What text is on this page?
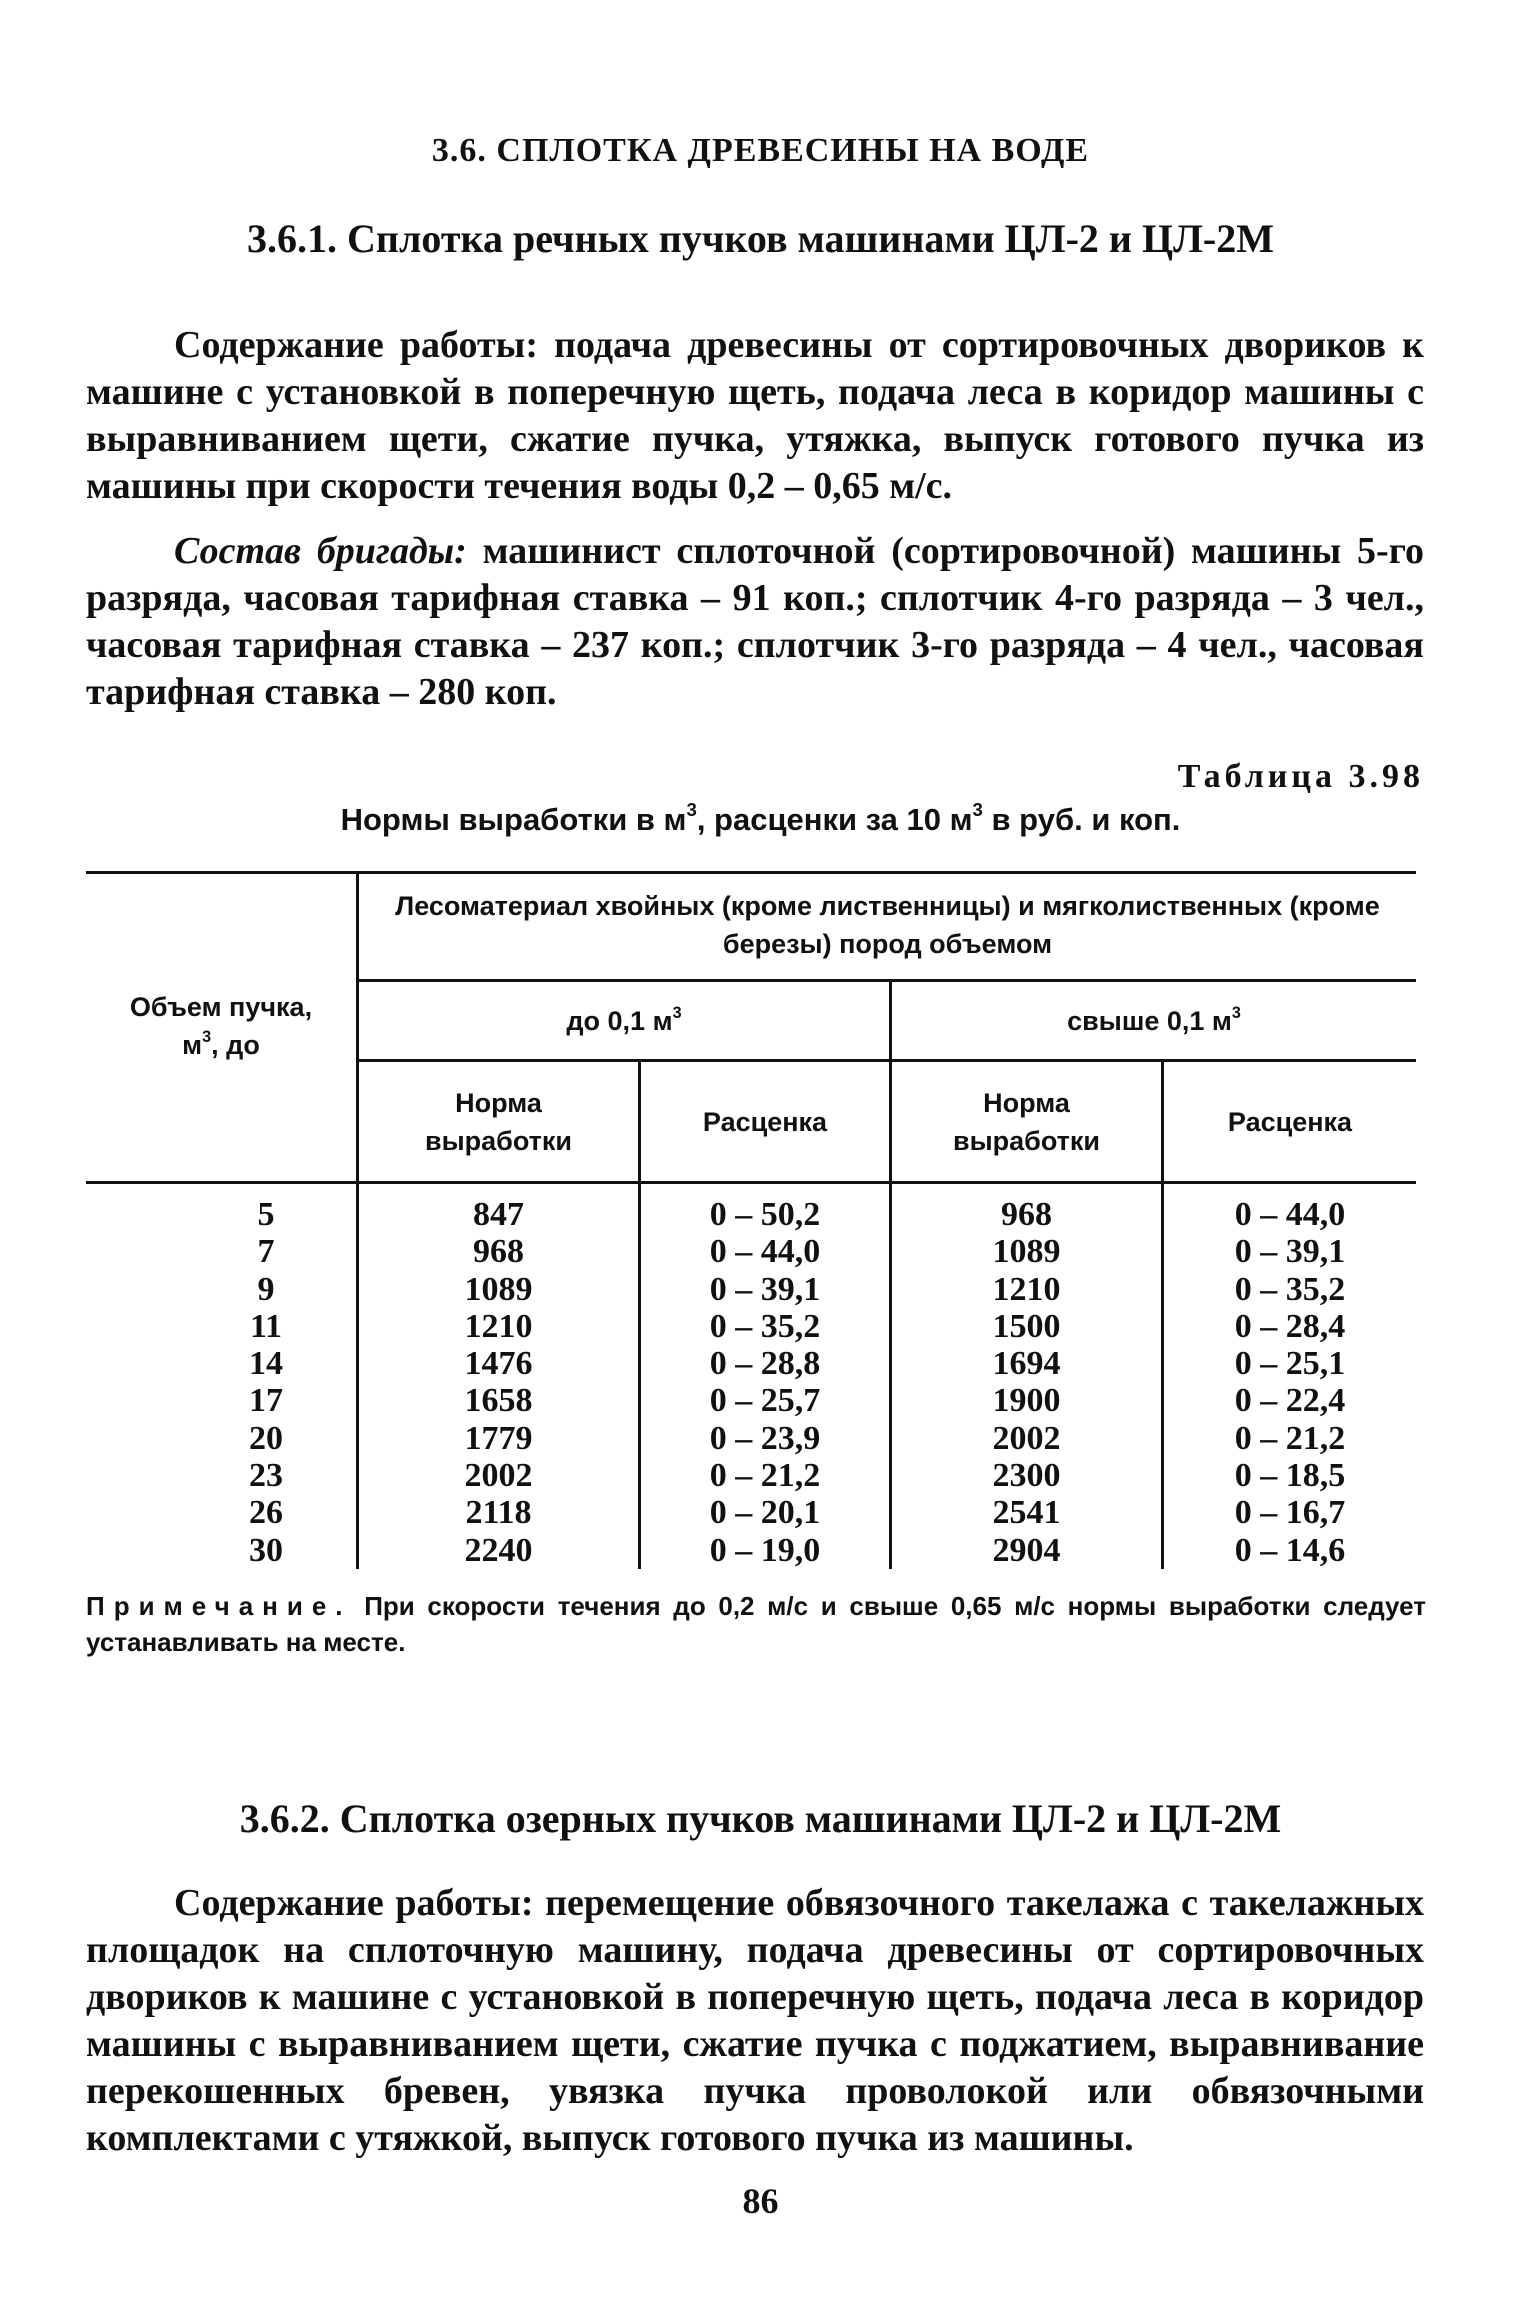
3.6. СПЛОТКА ДРЕВЕСИНЫ НА ВОДЕ
3.6.1. Сплотка речных пучков машинами ЦЛ-2 и ЦЛ-2М
Содержание работы: подача древесины от сортировочных двориков к машине с установкой в поперечную щеть, подача леса в коридор машины с выравниванием щети, сжатие пучка, утяжка, выпуск готового пучка из машины при скорости течения воды 0,2 – 0,65 м/с.
Состав бригады: машинист сплоточной (сортировочной) машины 5-го разряда, часовая тарифная ставка – 91 коп.; сплотчик 4-го разряда – 3 чел., часовая тарифная ставка – 237 коп.; сплотчик 3-го разряда – 4 чел., часовая тарифная ставка – 280 коп.
Таблица 3.98
Нормы выработки в $м^3$, расценки за 10 $м^3$ в руб. и коп.
Объем пучка,
$м^3$, до
Лесоматериал хвойных (кроме лиственницы) и мягколиственных (кроме березы) пород объемом
до 0,1 $м^3$	свыше 0,1 $м^3$
Норма выработки
Расценка
Норма выработки
Расценка
5
7
9
11
14
17
20
23
26
30
847
968
1089
1210
1476
1658
1779
2002
2118
2240
0 – 50,2
0 – 44,0
0 – 39,1
0 – 35,2
0 – 28,8
0 – 25,7
0 – 23,9
0 – 21,2
0 – 20,1
0 – 19,0
968
1089
1210
1500
1694
1900
2002
2300
2541
2904
0 – 44,0
0 – 39,1
0 – 35,2
0 – 28,4
0 – 25,1
0 – 22,4
0 – 21,2
0 – 18,5
0 – 16,7
0 – 14,6
Примечание. При скорости течения до 0,2 м/с и свыше 0,65 м/с нормы выработки следует устанавливать на месте.
3.6.2. Сплотка озерных пучков машинами ЦЛ-2 и ЦЛ-2М
Содержание работы: перемещение обвязочного такелажа с такелажных площадок на сплоточную машину, подача древесины от сортировочных двориков к машине с установкой в поперечную щеть, подача леса в коридор машины с выравниванием щети, сжатие пучка с поджатием, выравнивание перекошенных бревен, увязка пучка проволокой или обвязочными комплектами с утяжкой, выпуск готового пучка из машины.
86
